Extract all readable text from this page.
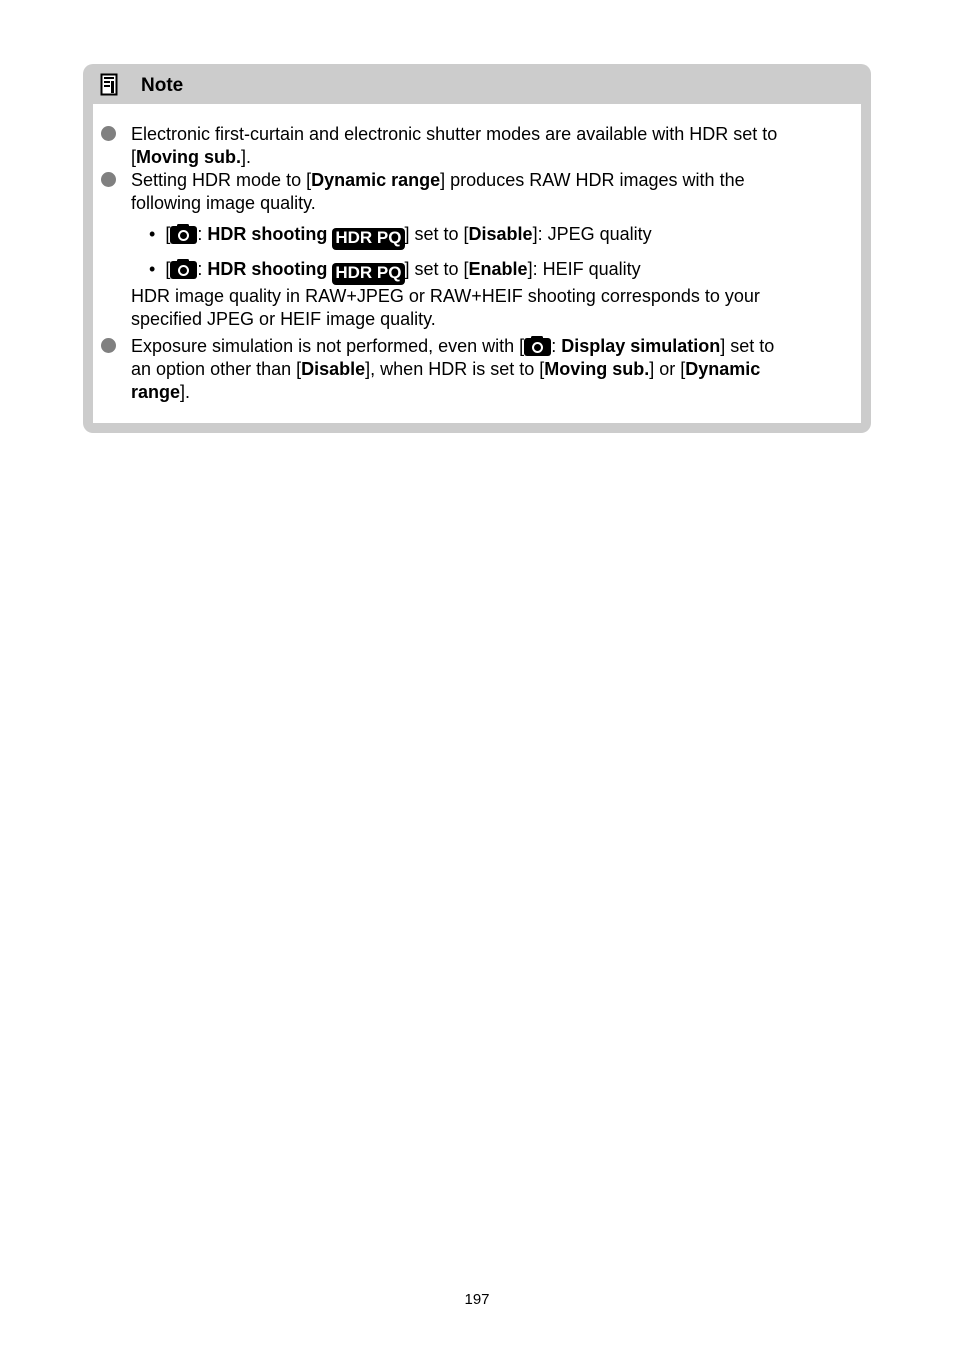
Note
Electronic first-curtain and electronic shutter modes are available with HDR set to
[Moving sub.].
Setting HDR mode to [Dynamic range] produces RAW HDR images with the
following image quality.
• [ : HDR shooting HDR PQ ] set to [Disable]: JPEG quality
• [ : HDR shooting HDR PQ ] set to [Enable]: HEIF quality
HDR image quality in RAW+JPEG or RAW+HEIF shooting corresponds to your
specified JPEG or HEIF image quality.
Exposure simulation is not performed, even with [ : Display simulation] set to
an option other than [Disable], when HDR is set to [Moving sub.] or [Dynamic
range].
197
